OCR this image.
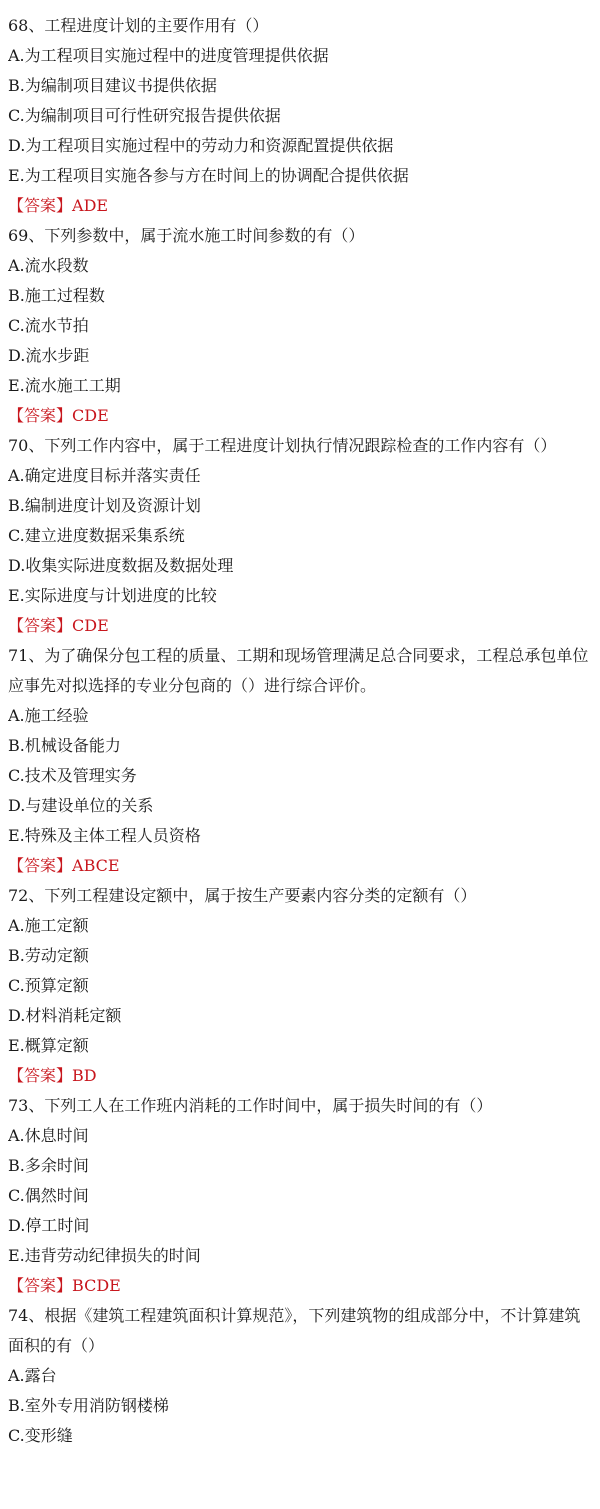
68、工程进度计划的主要作用有（）
A.为工程项目实施过程中的进度管理提供依据
B.为编制项目建议书提供依据
C.为编制项目可行性研究报告提供依据
D.为工程项目实施过程中的劳动力和资源配置提供依据
E.为工程项目实施各参与方在时间上的协调配合提供依据
【答案】ADE
69、下列参数中，属于流水施工时间参数的有（）
A.流水段数
B.施工过程数
C.流水节拍
D.流水步距
E.流水施工工期
【答案】CDE
70、下列工作内容中，属于工程进度计划执行情况跟踪检查的工作内容有（）
A.确定进度目标并落实责任
B.编制进度计划及资源计划
C.建立进度数据采集系统
D.收集实际进度数据及数据处理
E.实际进度与计划进度的比较
【答案】CDE
71、为了确保分包工程的质量、工期和现场管理满足总合同要求，工程总承包单位应事先对拟选择的专业分包商的（）进行综合评价。
A.施工经验
B.机械设备能力
C.技术及管理实务
D.与建设单位的关系
E.特殊及主体工程人员资格
【答案】ABCE
72、下列工程建设定额中，属于按生产要素内容分类的定额有（）
A.施工定额
B.劳动定额
C.预算定额
D.材料消耗定额
E.概算定额
【答案】BD
73、下列工人在工作班内消耗的工作时间中，属于损失时间的有（）
A.休息时间
B.多余时间
C.偶然时间
D.停工时间
E.违背劳动纪律损失的时间
【答案】BCDE
74、根据《建筑工程建筑面积计算规范》，下列建筑物的组成部分中，不计算建筑面积的有（）
A.露台
B.室外专用消防钢楼梯
C.变形缝
